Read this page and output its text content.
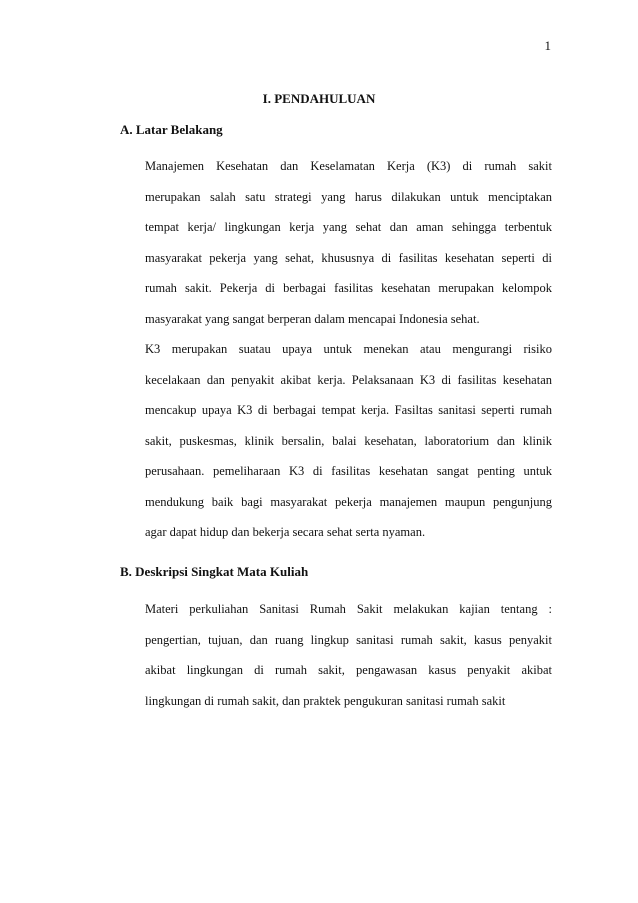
1
I. PENDAHULUAN
A. Latar Belakang
Manajemen Kesehatan dan Keselamatan Kerja (K3) di rumah sakit
merupakan salah satu strategi yang harus dilakukan untuk menciptakan
tempat kerja/ lingkungan kerja yang sehat dan aman sehingga terbentuk
masyarakat pekerja yang sehat, khususnya di fasilitas kesehatan seperti di
rumah sakit. Pekerja di berbagai fasilitas kesehatan merupakan kelompok
masyarakat yang sangat berperan dalam mencapai Indonesia sehat.
K3 merupakan suatau upaya untuk menekan atau mengurangi risiko
kecelakaan dan penyakit akibat kerja. Pelaksanaan K3 di fasilitas kesehatan
mencakup upaya K3 di berbagai tempat kerja. Fasiltas sanitasi seperti rumah
sakit, puskesmas, klinik bersalin, balai kesehatan, laboratorium dan klinik
perusahaan. pemeliharaan K3 di fasilitas kesehatan sangat penting untuk
mendukung baik bagi masyarakat pekerja manajemen maupun pengunjung
agar dapat hidup dan bekerja secara sehat serta nyaman.
B. Deskripsi Singkat Mata Kuliah
Materi perkuliahan Sanitasi Rumah Sakit melakukan kajian tentang :
pengertian, tujuan, dan ruang lingkup sanitasi rumah sakit, kasus penyakit
akibat lingkungan di rumah sakit, pengawasan kasus penyakit akibat
lingkungan di rumah sakit, dan praktek pengukuran sanitasi rumah sakit
